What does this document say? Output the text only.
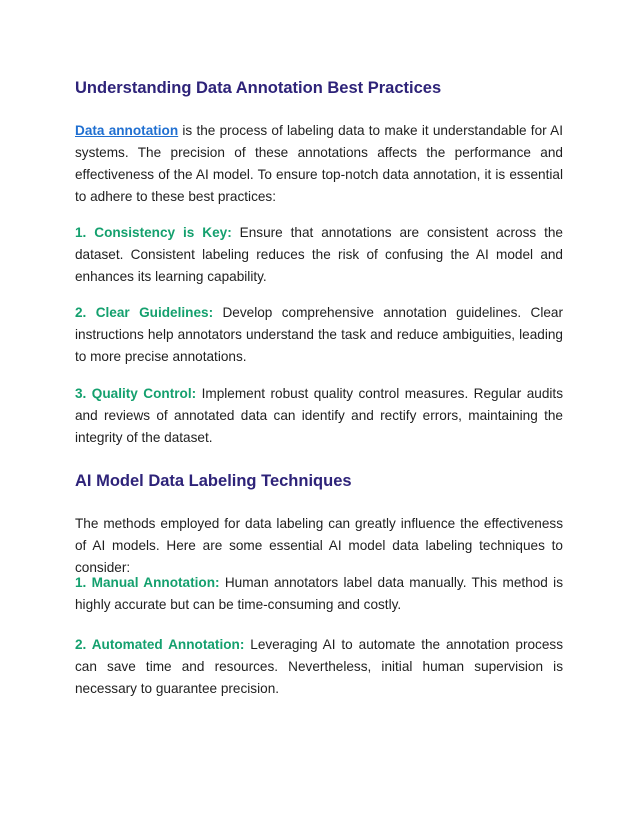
Understanding Data Annotation Best Practices

Data annotation is the process of labeling data to make it understandable for AI systems. The precision of these annotations affects the performance and effectiveness of the AI model. To ensure top-notch data annotation, it is essential to adhere to these best practices:

1. Consistency is Key: Ensure that annotations are consistent across the dataset. Consistent labeling reduces the risk of confusing the AI model and enhances its learning capability.

2. Clear Guidelines: Develop comprehensive annotation guidelines. Clear instructions help annotators understand the task and reduce ambiguities, leading to more precise annotations.

3. Quality Control: Implement robust quality control measures. Regular audits and reviews of annotated data can identify and rectify errors, maintaining the integrity of the dataset.

AI Model Data Labeling Techniques

The methods employed for data labeling can greatly influence the effectiveness of AI models. Here are some essential AI model data labeling techniques to consider:

1. Manual Annotation: Human annotators label data manually. This method is highly accurate but can be time-consuming and costly.

2. Automated Annotation: Leveraging AI to automate the annotation process can save time and resources. Nevertheless, initial human supervision is necessary to guarantee precision.
